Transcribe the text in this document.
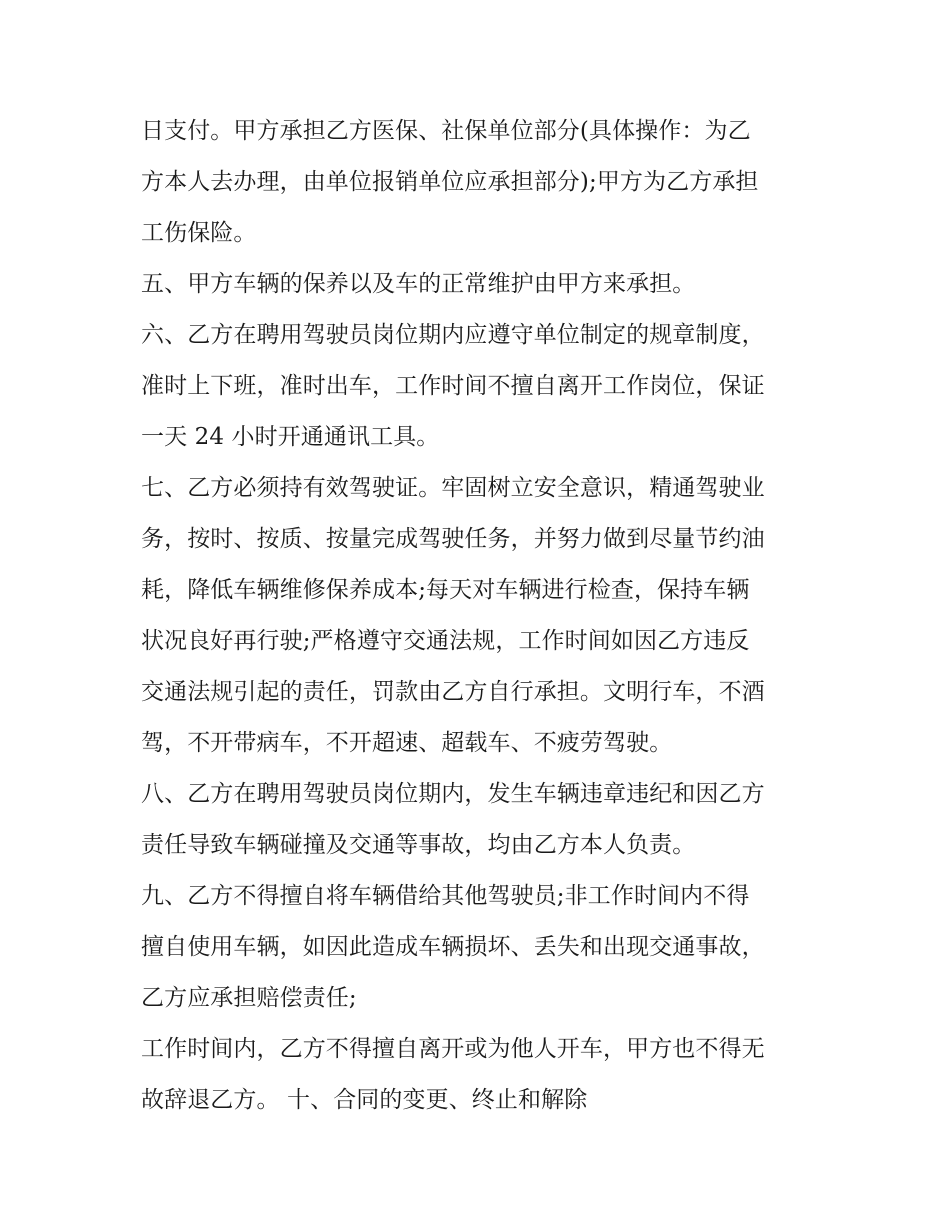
日支付。甲方承担乙方医保、社保单位部分(具体操作：为乙
方本人去办理，由单位报销单位应承担部分);甲方为乙方承担
工伤保险。
五、甲方车辆的保养以及车的正常维护由甲方来承担。
六、乙方在聘用驾驶员岗位期内应遵守单位制定的规章制度，
准时上下班，准时出车，工作时间不擅自离开工作岗位，保证
一天 24 小时开通通讯工具。
七、乙方必须持有效驾驶证。牢固树立安全意识，精通驾驶业
务，按时、按质、按量完成驾驶任务，并努力做到尽量节约油
耗，降低车辆维修保养成本;每天对车辆进行检查，保持车辆
状况良好再行驶;严格遵守交通法规，工作时间如因乙方违反
交通法规引起的责任，罚款由乙方自行承担。文明行车，不酒
驾，不开带病车，不开超速、超载车、不疲劳驾驶。
八、乙方在聘用驾驶员岗位期内，发生车辆违章违纪和因乙方
责任导致车辆碰撞及交通等事故，均由乙方本人负责。
九、乙方不得擅自将车辆借给其他驾驶员;非工作时间内不得
擅自使用车辆，如因此造成车辆损坏、丢失和出现交通事故，
乙方应承担赔偿责任;
工作时间内，乙方不得擅自离开或为他人开车，甲方也不得无
故辞退乙方。 十、合同的变更、终止和解除
